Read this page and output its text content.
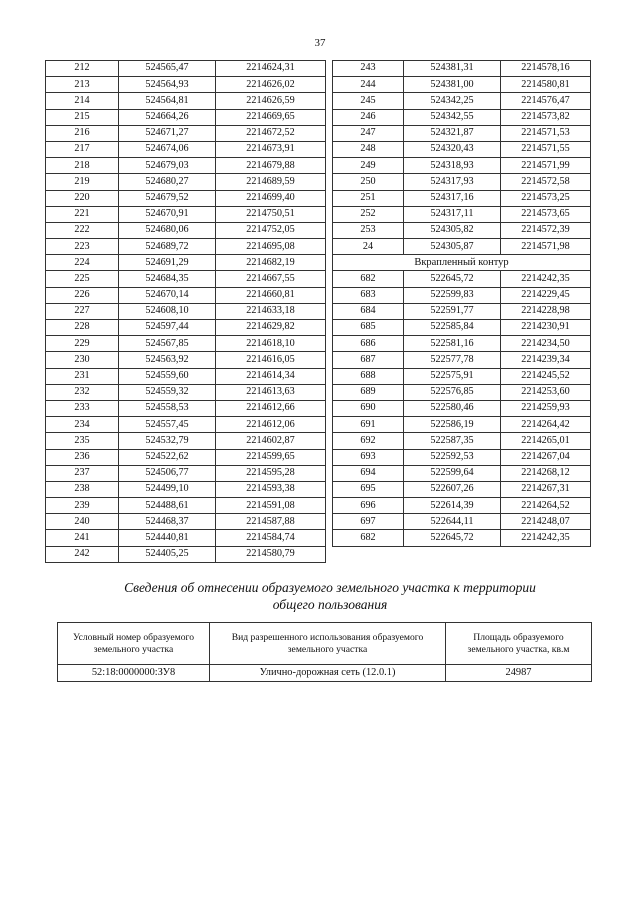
37
212	524565,47	2214624,31
213	524564,93	2214626,02
214	524564,81	2214626,59
215	524664,26	2214669,65
216	524671,27	2214672,52
217	524674,06	2214673,91
218	524679,03	2214679,88
219	524680,27	2214689,59
220	524679,52	2214699,40
221	524670,91	2214750,51
222	524680,06	2214752,05
223	524689,72	2214695,08
224	524691,29	2214682,19
225	524684,35	2214667,55
226	524670,14	2214660,81
227	524608,10	2214633,18
228	524597,44	2214629,82
229	524567,85	2214618,10
230	524563,92	2214616,05
231	524559,60	2214614,34
232	524559,32	2214613,63
233	524558,53	2214612,66
234	524557,45	2214612,06
235	524532,79	2214602,87
236	524522,62	2214599,65
237	524506,77	2214595,28
238	524499,10	2214593,38
239	524488,61	2214591,08
240	524468,37	2214587,88
241	524440,81	2214584,74
242	524405,25	2214580,79
243	524381,31	2214578,16
244	524381,00	2214580,81
245	524342,25	2214576,47
246	524342,55	2214573,82
247	524321,87	2214571,53
248	524320,43	2214571,55
249	524318,93	2214571,99
250	524317,93	2214572,58
251	524317,16	2214573,25
252	524317,11	2214573,65
253	524305,82	2214572,39
24	524305,87	2214571,98
Вкрапленный контур		
682	522645,72	2214242,35
683	522599,83	2214229,45
684	522591,77	2214228,98
685	522585,84	2214230,91
686	522581,16	2214234,50
687	522577,78	2214239,34
688	522575,91	2214245,52
689	522576,85	2214253,60
690	522580,46	2214259,93
691	522586,19	2214264,42
692	522587,35	2214265,01
693	522592,53	2214267,04
694	522599,64	2214268,12
695	522607,26	2214267,31
696	522614,39	2214264,52
697	522644,11	2214248,07
682	522645,72	2214242,35
Сведения об отнесении образуемого земельного участка к территории
общего пользования
Условный номер образуемого земельного участка	Вид разрешенного использования образуемого земельного участка	Площадь образуемого земельного участка, кв.м
52:18:0000000:ЗУ8	Улично-дорожная сеть (12.0.1)	24987
